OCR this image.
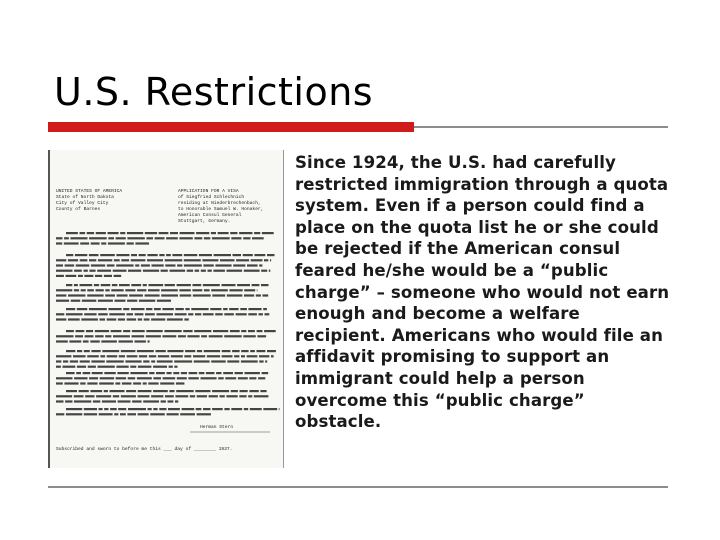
U.S. Restrictions
UNITED STATES OF AMERICA
State of North Dakota
City of Valley City
County of Barnes
APPLICATION FOR A VISA
of Siegfried Schlechnich
residing at Niederbrechenbach,
to Honorable Samuel W. Honaker,
American Consul General
Stuttgart, Germany.
Herman Stern
Subscribed and sworn to before me this ___ day of ________ 1937.

Since 1924, the U.S. had carefully restricted immigration through a quota system. Even if a person could find a place on the quota list he or she could be rejected if the American consul feared he/she would be a “public charge” – someone who would not earn enough and become a welfare recipient. Americans who would file an affidavit promising to support an immigrant could help a person overcome this “public charge” obstacle.
